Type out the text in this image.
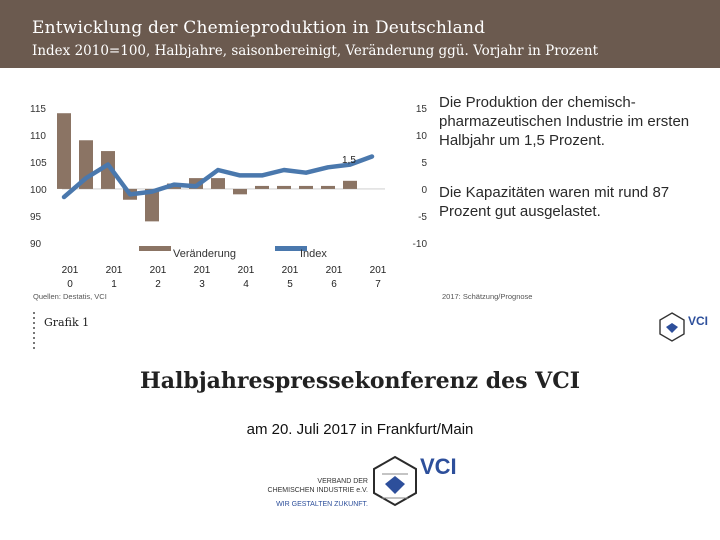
Entwicklung der Chemieproduktion in Deutschland
Index 2010=100, Halbjahre, saisonbereinigt, Veränderung ggü. Vorjahr in Prozent
115
110
105
100
95
90
15
10
5
0
-5
-10
1,5
Veränderung	Index
201
0
201
1
201
2
201
3
201
4
201
5
201
6
201
7
Die Produktion der chemisch-pharmazeutischen Industrie im ersten Halbjahr um 1,5 Prozent.
Die Kapazitäten waren mit rund 87 Prozent gut ausgelastet.
Quellen: Destatis, VCI	2017: Schätzung/Prognose
Grafik 1	VCI
Halbjahrespressekonferenz des VCI
am 20. Juli 2017 in Frankfurt/Main
VCI
VERBAND DER
CHEMISCHEN INDUSTRIE e.V.
WIR GESTALTEN ZUKUNFT.
